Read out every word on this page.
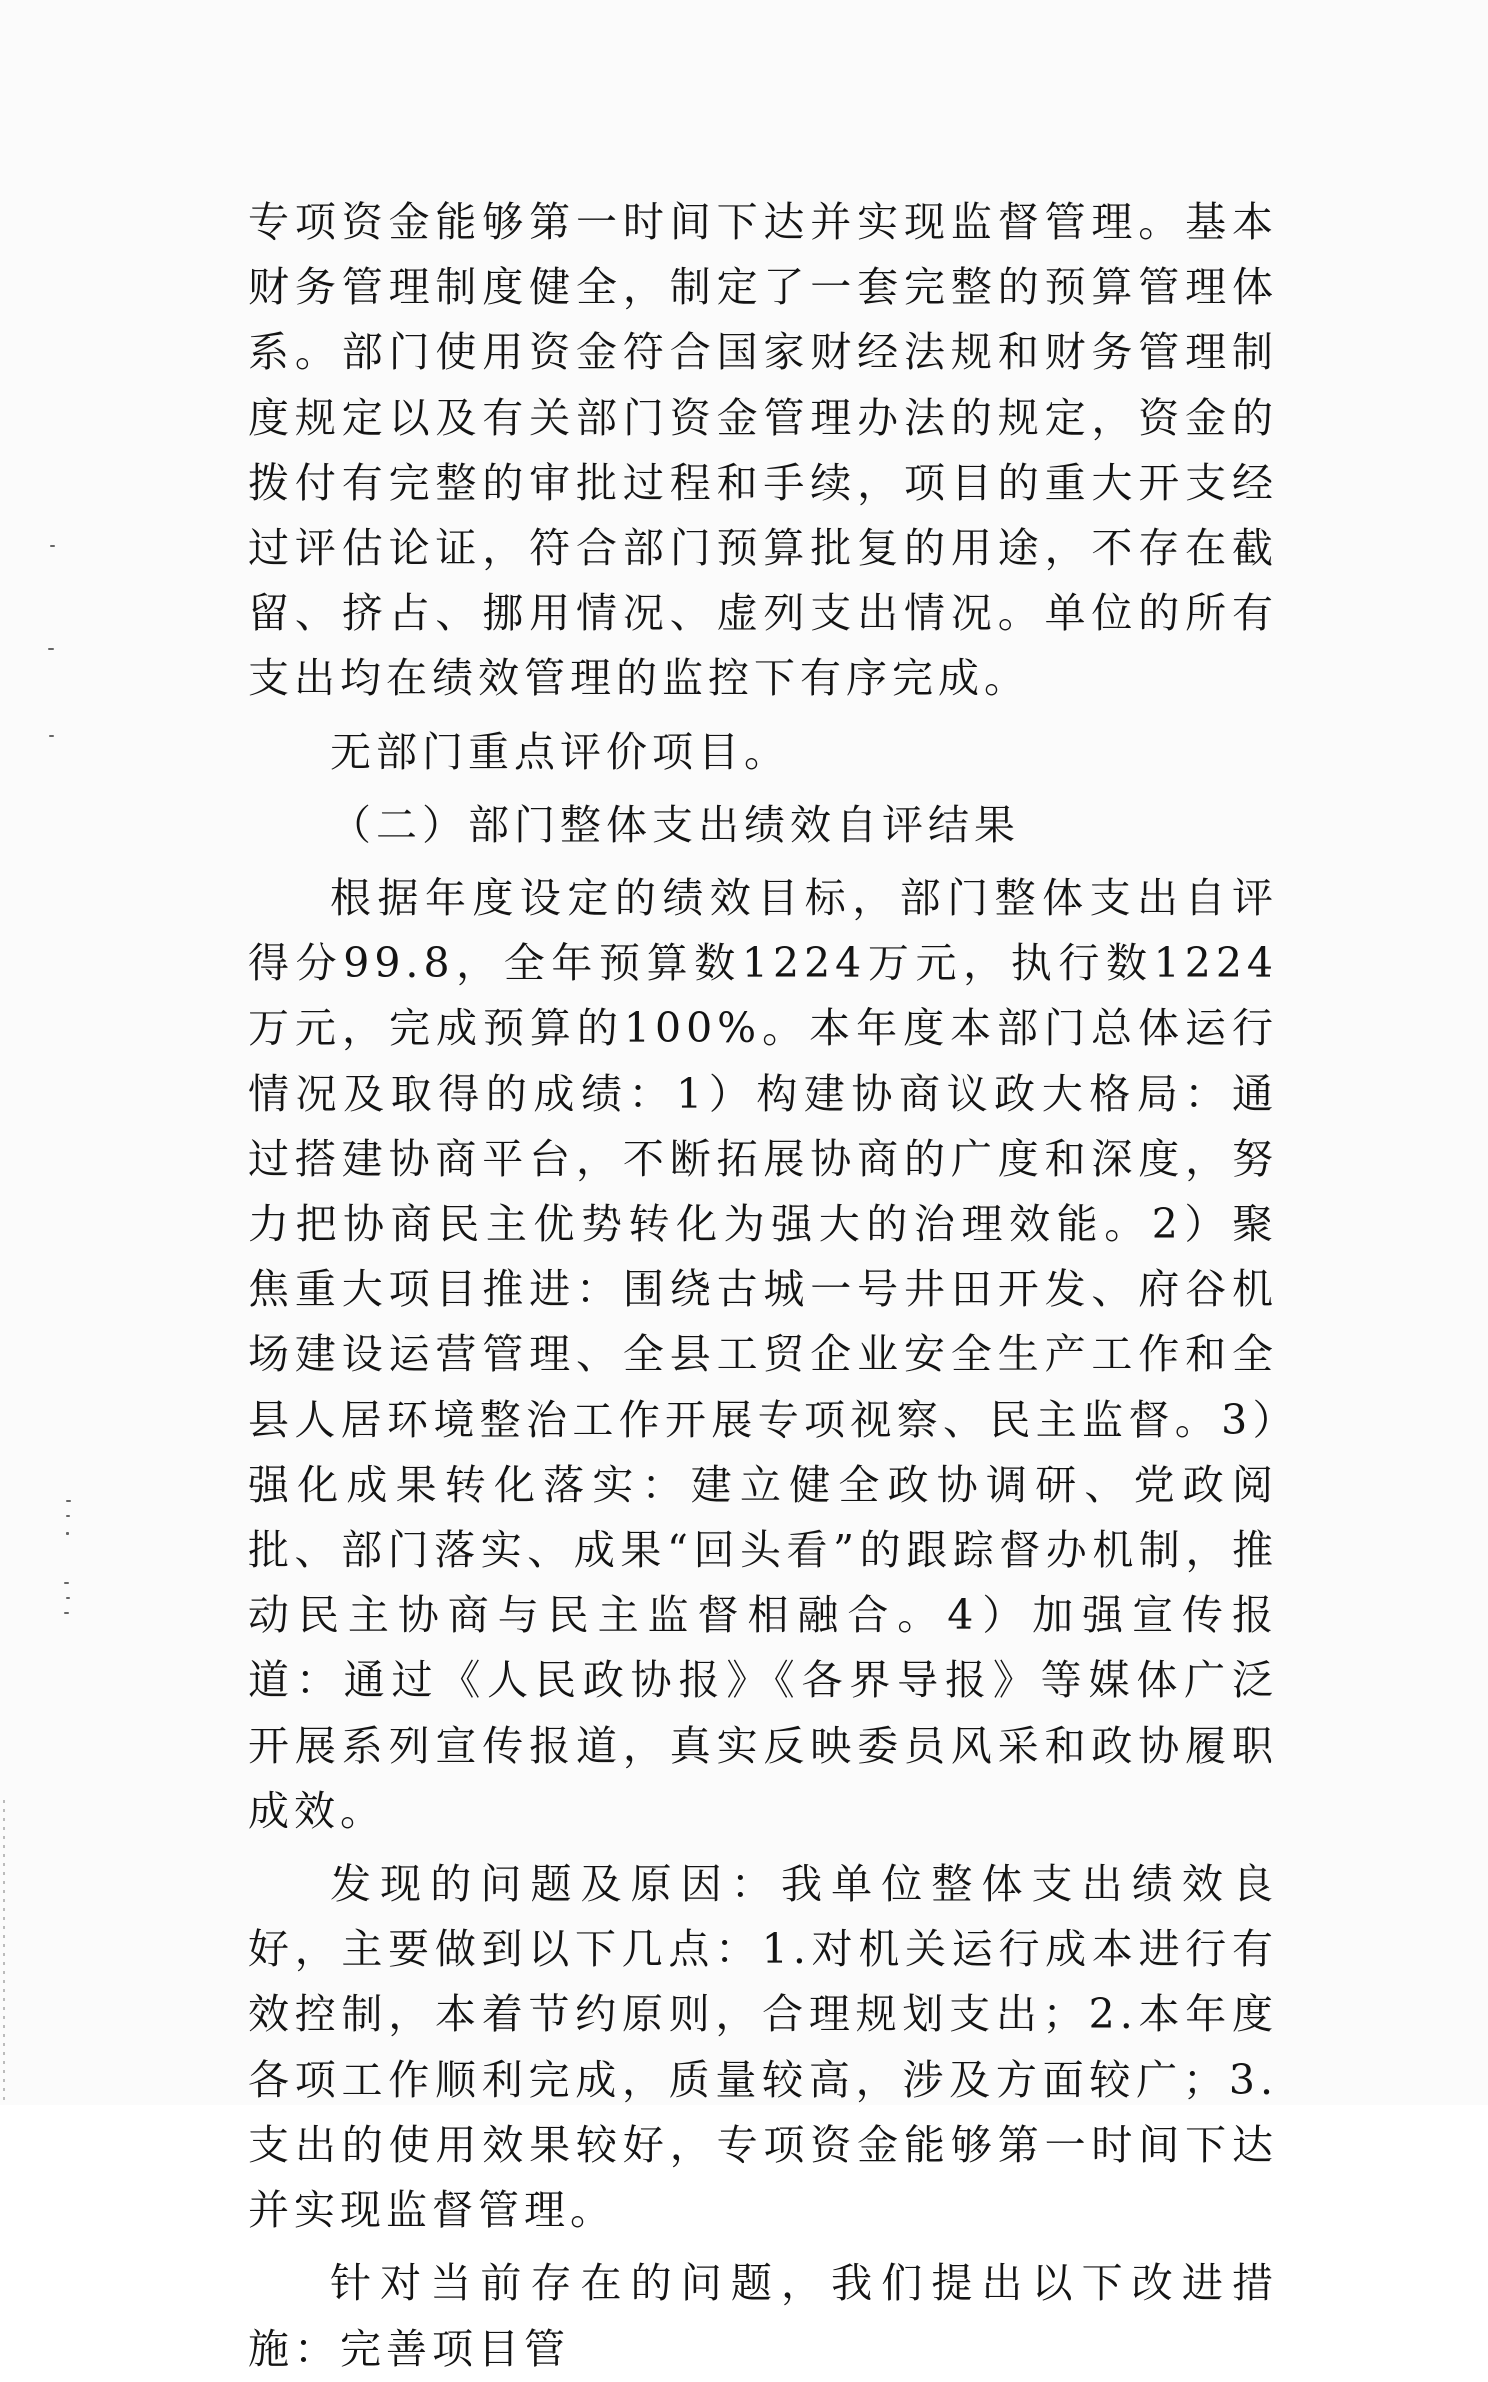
专项资金能够第一时间下达并实现监督管理。基本财务管理制度健全，制定了一套完整的预算管理体系。部门使用资金符合国家财经法规和财务管理制度规定以及有关部门资金管理办法的规定，资金的拨付有完整的审批过程和手续，项目的重大开支经过评估论证，符合部门预算批复的用途，不存在截留、挤占、挪用情况、虚列支出情况。单位的所有支出均在绩效管理的监控下有序完成。

无部门重点评价项目。

（二）部门整体支出绩效自评结果

根据年度设定的绩效目标，部门整体支出自评得分99.8，全年预算数1224万元，执行数1224万元，完成预算的100%。本年度本部门总体运行情况及取得的成绩：1）构建协商议政大格局：通过搭建协商平台，不断拓展协商的广度和深度，努力把协商民主优势转化为强大的治理效能。2）聚焦重大项目推进：围绕古城一号井田开发、府谷机场建设运营管理、全县工贸企业安全生产工作和全县人居环境整治工作开展专项视察、民主监督。3）强化成果转化落实：建立健全政协调研、党政阅批、部门落实、成果“回头看”的跟踪督办机制，推动民主协商与民主监督相融合。4）加强宣传报道：通过《人民政协报》《各界导报》等媒体广泛开展系列宣传报道，真实反映委员风采和政协履职成效。

发现的问题及原因：我单位整体支出绩效良好，主要做到以下几点：1.对机关运行成本进行有效控制，本着节约原则，合理规划支出；2.本年度各项工作顺利完成，质量较高，涉及方面较广；3.支出的使用效果较好，专项资金能够第一时间下达并实现监督管理。

针对当前存在的问题，我们提出以下改进措施：完善项目管
